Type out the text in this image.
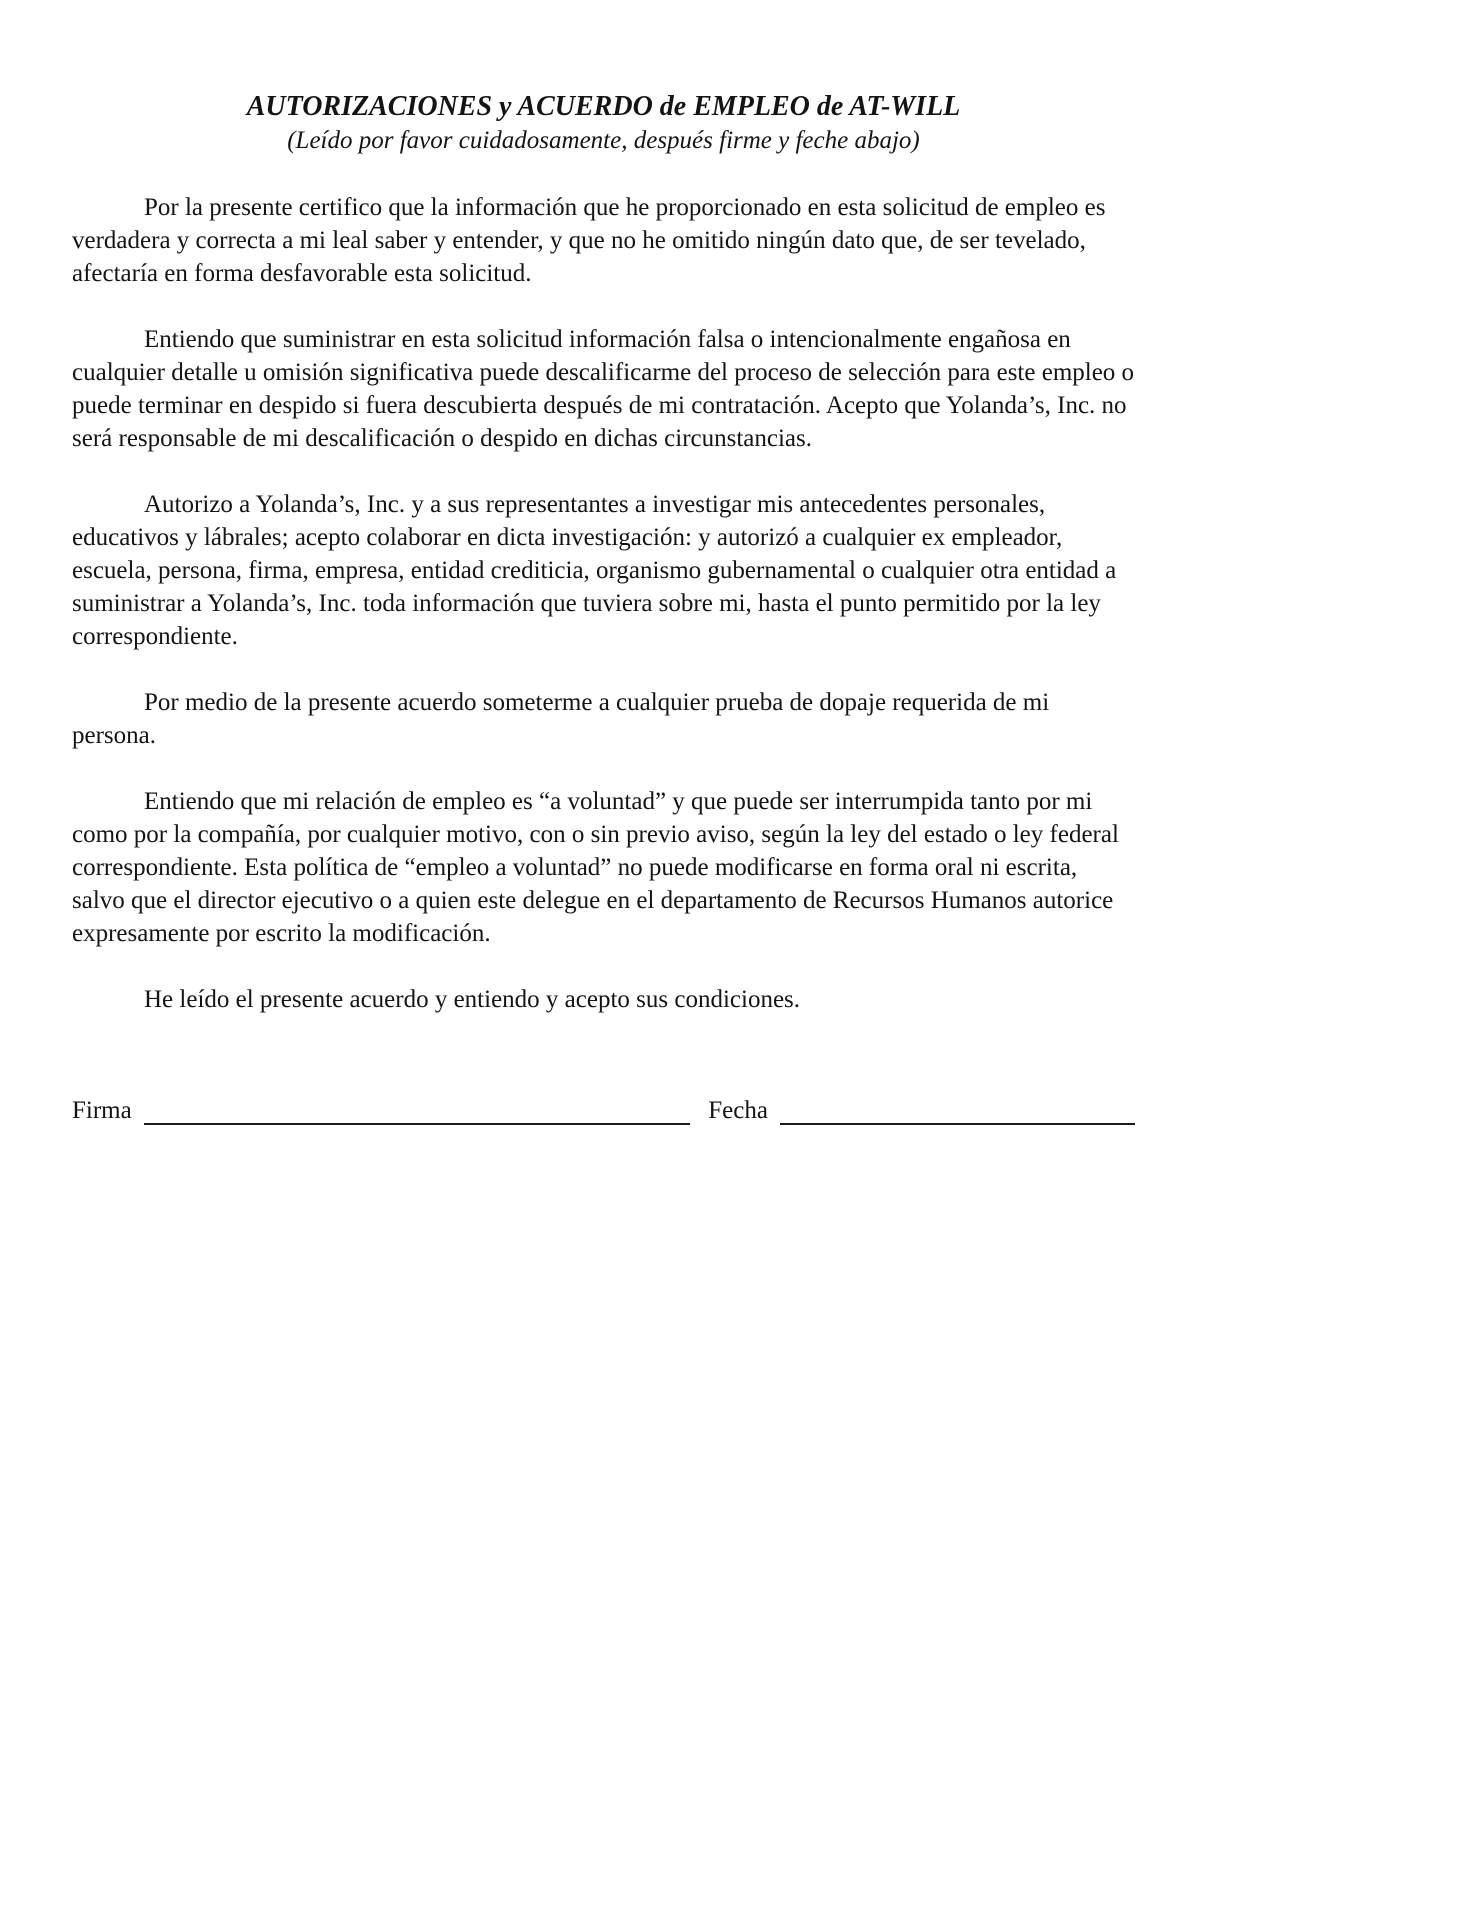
AUTORIZACIONES y ACUERDO de EMPLEO de AT-WILL
(Leído por favor cuidadosamente, después firme y feche abajo)

Por la presente certifico que la información que he proporcionado en esta solicitud de empleo es verdadera y correcta a mi leal saber y entender, y que no he omitido ningún dato que, de ser tevelado, afectaría en forma desfavorable esta solicitud.

Entiendo que suministrar en esta solicitud información falsa o intencionalmente engañosa en cualquier detalle u omisión significativa puede descalificarme del proceso de selección para este empleo o puede terminar en despido si fuera descubierta después de mi contratación. Acepto que Yolanda’s, Inc. no será responsable de mi descalificación o despido en dichas circunstancias.

Autorizo a Yolanda’s, Inc. y a sus representantes a investigar mis antecedentes personales, educativos y lábrales; acepto colaborar en dicta investigación: y autorizó a cualquier ex empleador, escuela, persona, firma, empresa, entidad crediticia, organismo gubernamental o cualquier otra entidad a suministrar a Yolanda’s, Inc. toda información que tuviera sobre mi, hasta el punto permitido por la ley correspondiente.

Por medio de la presente acuerdo someterme a cualquier prueba de dopaje requerida de mi persona.

Entiendo que mi relación de empleo es “a voluntad” y que puede ser interrumpida tanto por mi como por la compañía, por cualquier motivo, con o sin previo aviso, según la ley del estado o ley federal correspondiente. Esta política de “empleo a voluntad” no puede modificarse en forma oral ni escrita, salvo que el director ejecutivo o a quien este delegue en el departamento de Recursos Humanos autorice expresamente por escrito la modificación.

He leído el presente acuerdo y entiendo y acepto sus condiciones.

Firma	Fecha
